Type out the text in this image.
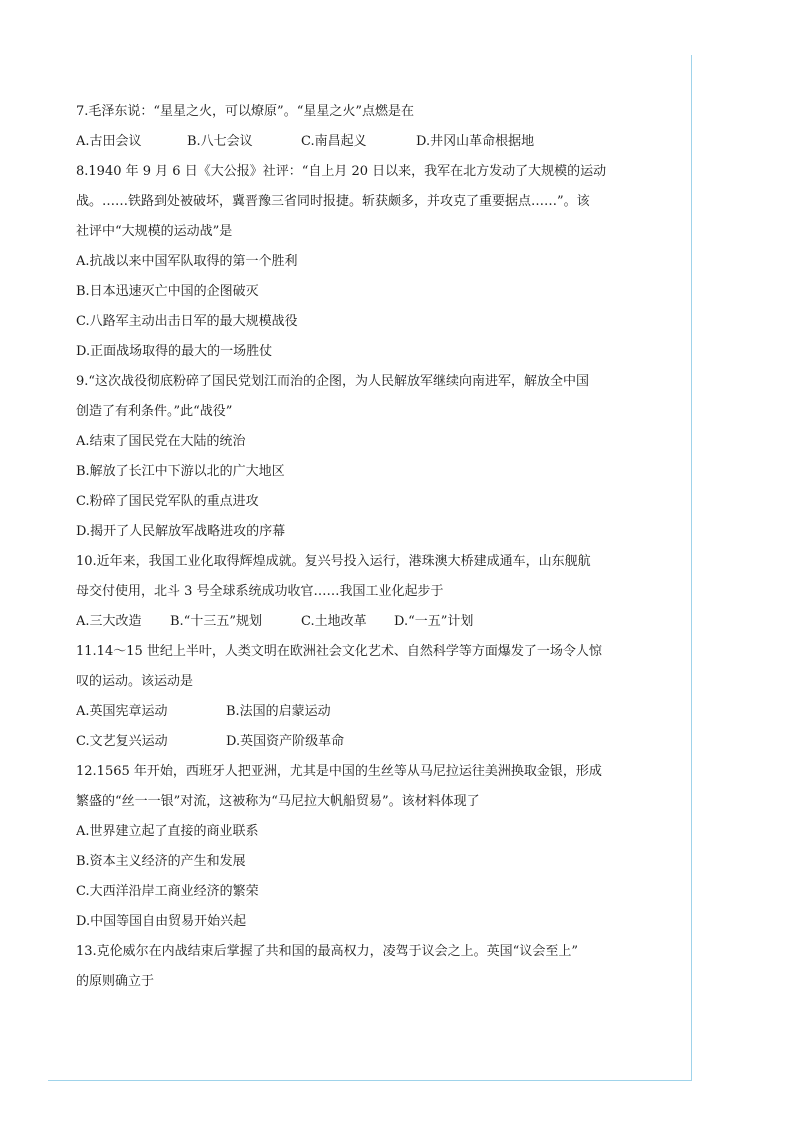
7.毛泽东说：“星星之火，可以燎原”。“星星之火”点燃是在
A.古田会议	B.八七会议	C.南昌起义	D.井冈山革命根据地
8.1940 年 9 月 6 日《大公报》社评：“自上月 20 日以来，我军在北方发动了大规模的运动
战。……铁路到处被破坏，冀晋豫三省同时报捷。斩获颇多，并攻克了重要据点……”。该
社评中“大规模的运动战”是
A.抗战以来中国军队取得的第一个胜利
B.日本迅速灭亡中国的企图破灭
C.八路军主动出击日军的最大规模战役
D.正面战场取得的最大的一场胜仗
9.“这次战役彻底粉碎了国民党划江而治的企图，为人民解放军继续向南进军，解放全中国
创造了有利条件。”此“战役”
A.结束了国民党在大陆的统治
B.解放了长江中下游以北的广大地区
C.粉碎了国民党军队的重点进攻
D.揭开了人民解放军战略进攻的序幕
10.近年来，我国工业化取得辉煌成就。复兴号投入运行，港珠澳大桥建成通车，山东舰航
母交付使用，北斗 3 号全球系统成功收官……我国工业化起步于
A.三大改造 B.“十三五”规划	C.土地改革 D.“一五”计划
11.14～15 世纪上半叶，人类文明在欧洲社会文化艺术、自然科学等方面爆发了一场令人惊
叹的运动。该运动是
A.英国宪章运动	B.法国的启蒙运动
C.文艺复兴运动	D.英国资产阶级革命
12.1565 年开始，西班牙人把亚洲，尤其是中国的生丝等从马尼拉运往美洲换取金银，形成
繁盛的“丝一一银”对流，这被称为“马尼拉大帆船贸易”。该材料体现了
A.世界建立起了直接的商业联系
B.资本主义经济的产生和发展
C.大西洋沿岸工商业经济的繁荣
D.中国等国自由贸易开始兴起
13.克伦威尔在内战结束后掌握了共和国的最高权力，凌驾于议会之上。英国“议会至上”
的原则确立于
